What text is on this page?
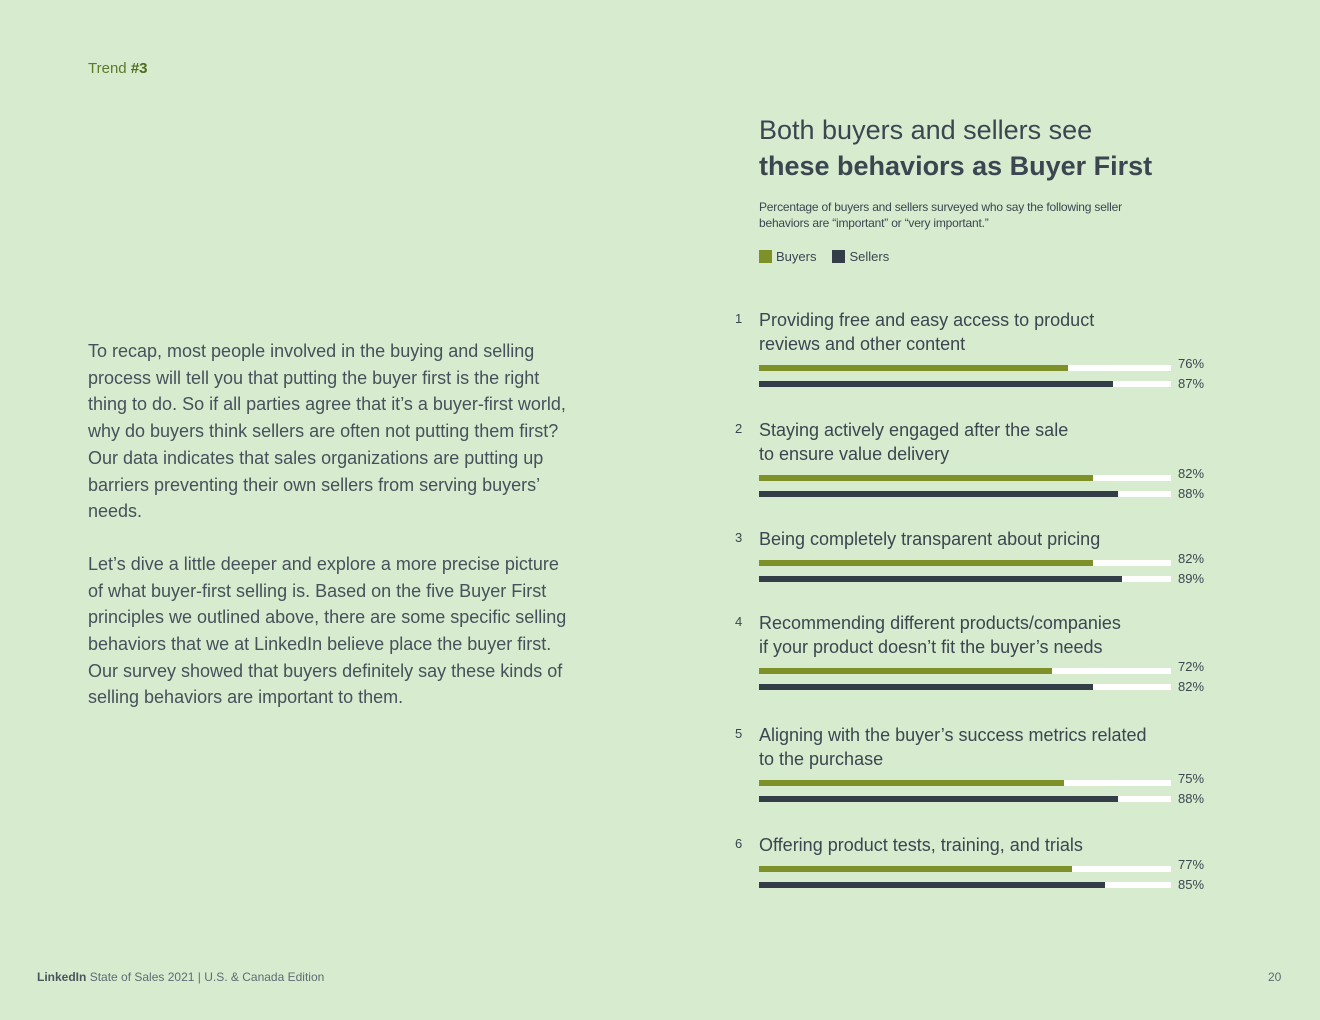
Trend #3

To recap, most people involved in the buying and selling process will tell you that putting the buyer first is the right thing to do. So if all parties agree that it’s a buyer-first world, why do buyers think sellers are often not putting them first? Our data indicates that sales organizations are putting up barriers preventing their own sellers from serving buyers’ needs.

Let’s dive a little deeper and explore a more precise picture of what buyer-first selling is. Based on the five Buyer First principles we outlined above, there are some specific selling behaviors that we at LinkedIn believe place the buyer first. Our survey showed that buyers definitely say these kinds of selling behaviors are important to them.

Both buyers and sellers see
these behaviors as Buyer First
Percentage of buyers and sellers surveyed who say the following seller behaviors are “important” or “very important.”
Buyers	Sellers
1 Providing free and easy access to product
reviews and other content
76%
87%
2 Staying actively engaged after the sale
to ensure value delivery
82%
88%
3 Being completely transparent about pricing
82%
89%
4 Recommending different products/companies
if your product doesn’t fit the buyer’s needs
72%
82%
5 Aligning with the buyer’s success metrics related
to the purchase
75%
88%
6 Offering product tests, training, and trials
77%
85%
LinkedIn State of Sales 2021 | U.S. & Canada Edition	20
